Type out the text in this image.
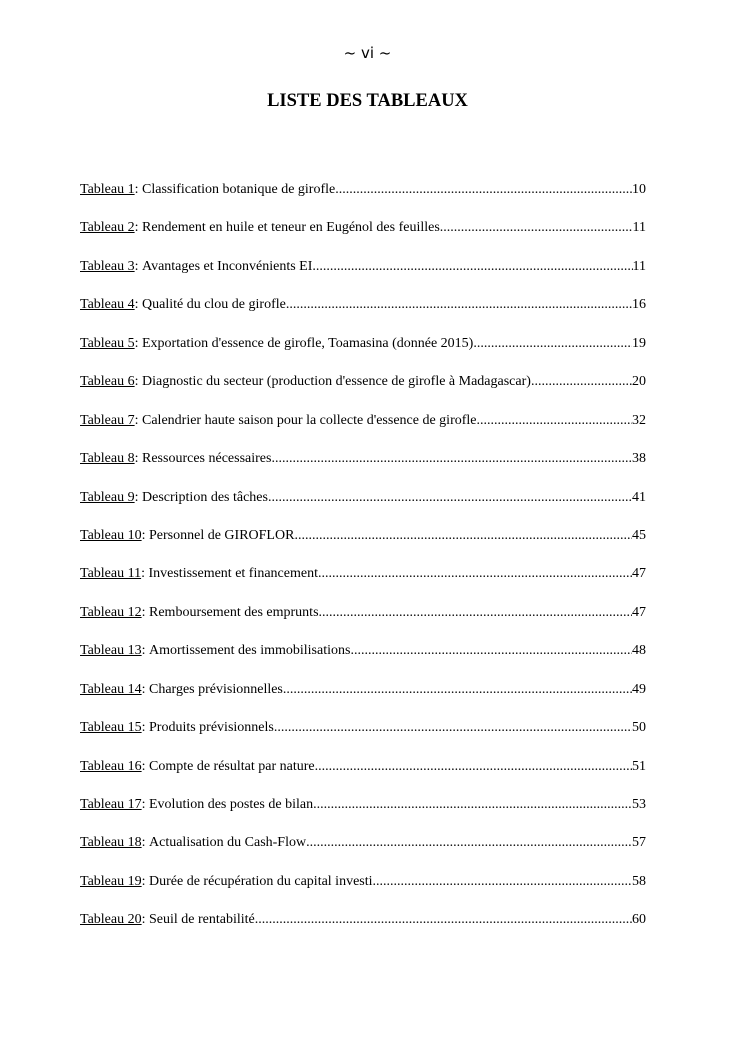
~ vi ~
LISTE DES TABLEAUX
Tableau 1 : Classification botanique de girofle .....	10
Tableau 2 : Rendement en huile et teneur en Eugénol des feuilles .....	11
Tableau 3 : Avantages et Inconvénients EI .....	11
Tableau 4 : Qualité du clou de girofle .....	16
Tableau 5 : Exportation d'essence de girofle, Toamasina (donnée 2015) .....	19
Tableau 6 : Diagnostic du secteur (production d'essence de girofle à Madagascar) .....	20
Tableau 7 : Calendrier haute saison pour la collecte d'essence de girofle .....	32
Tableau 8 : Ressources nécessaires .....	38
Tableau 9 : Description des tâches .....	41
Tableau 10 : Personnel de GIROFLOR .....	45
Tableau 11 : Investissement et financement .....	47
Tableau 12 : Remboursement des emprunts .....	47
Tableau 13 : Amortissement des immobilisations .....	48
Tableau 14 : Charges prévisionnelles .....	49
Tableau 15 : Produits prévisionnels .....	50
Tableau 16 : Compte de résultat par nature .....	51
Tableau 17 : Evolution des postes de bilan .....	53
Tableau 18 : Actualisation du Cash-Flow .....	57
Tableau 19 : Durée de récupération du capital investi .....	58
Tableau 20 : Seuil de rentabilité .....	60
